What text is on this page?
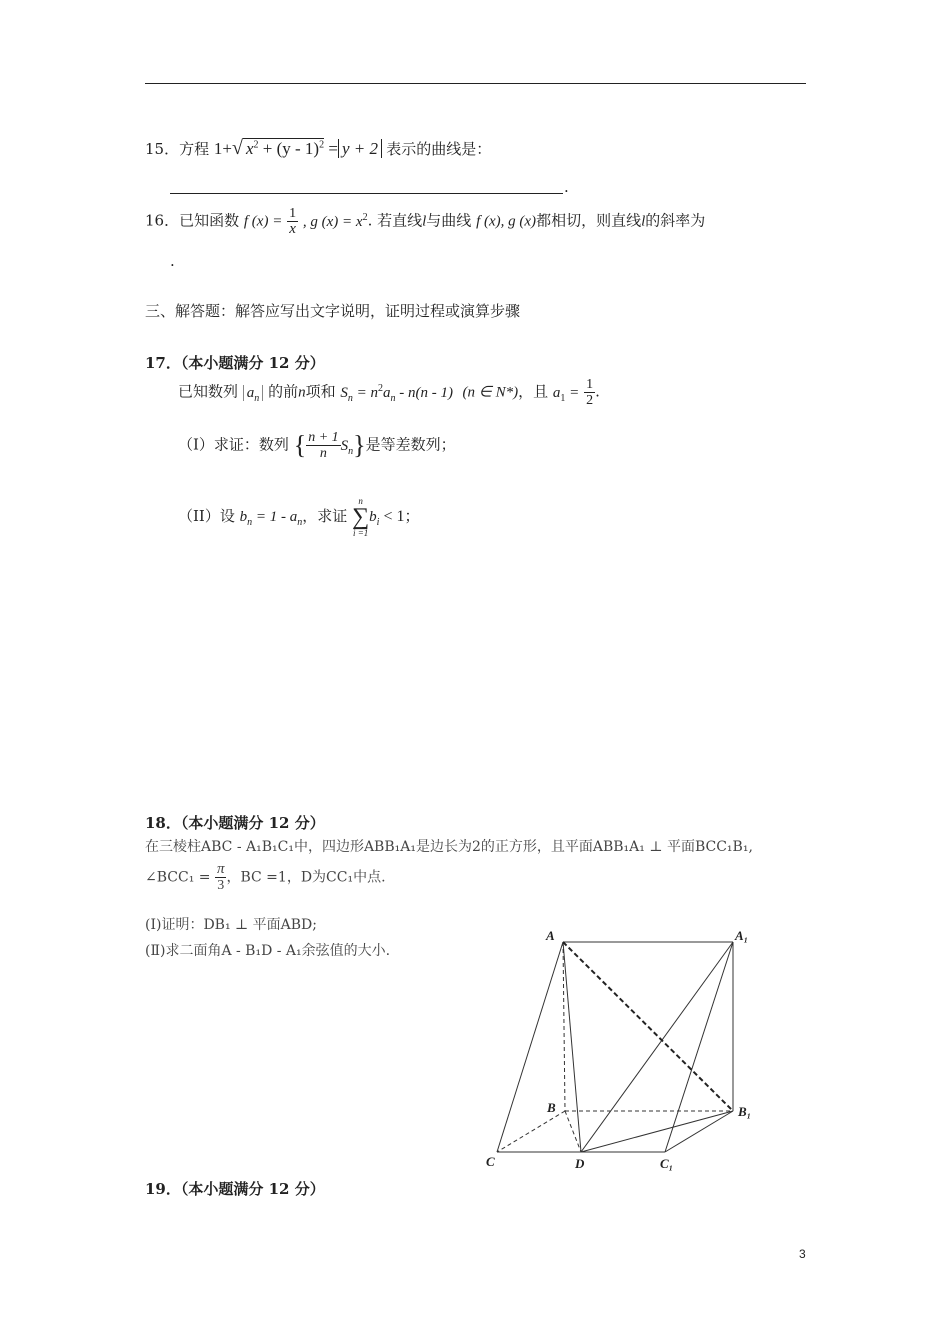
15．方程 1+√ $x^2 + (y - 1)^2 = y + 2$ 表示的曲线是：
.
16．已知函数 f $(x) = \frac{1}{x}$ , g $(x) = x^2$. 若直线l与曲线 f (x), g (x)都相切，则直线l的斜率为
.
三、解答题：解答应写出文字说明，证明过程或演算步骤
17．（本小题满分 12 分）
已知数列 $a_n$ 的前n项和 $S_n = n^2a_n - n(n - 1)$ (n ∈ N*)，且 $a_1 = \frac{1}{2}$ .
（I）求证：数列 { $\frac{n + 1}{n} S_n$}是等差数列；
（II）设 $b_n = 1 - a_n$，求证
n
∑
i =1
$b_i < 1$；
18．（本小题满分 12 分）
在三棱柱ABC - A₁B₁C₁中，四边形ABB₁A₁是边长为2的正方形，且平面ABB₁A₁ ⊥ 平面BCC₁B₁,
∠BCC₁ = $\frac{\pi}{3}$ ，BC =1，D为CC₁中点.
(Ⅰ)证明：DB₁ ⊥ 平面ABD;
(Ⅱ)求二面角A - B₁D - A₁余弦值的大小.
A	A₁
B	B₁
C	D	C₁
19．（本小题满分 12 分）
3
